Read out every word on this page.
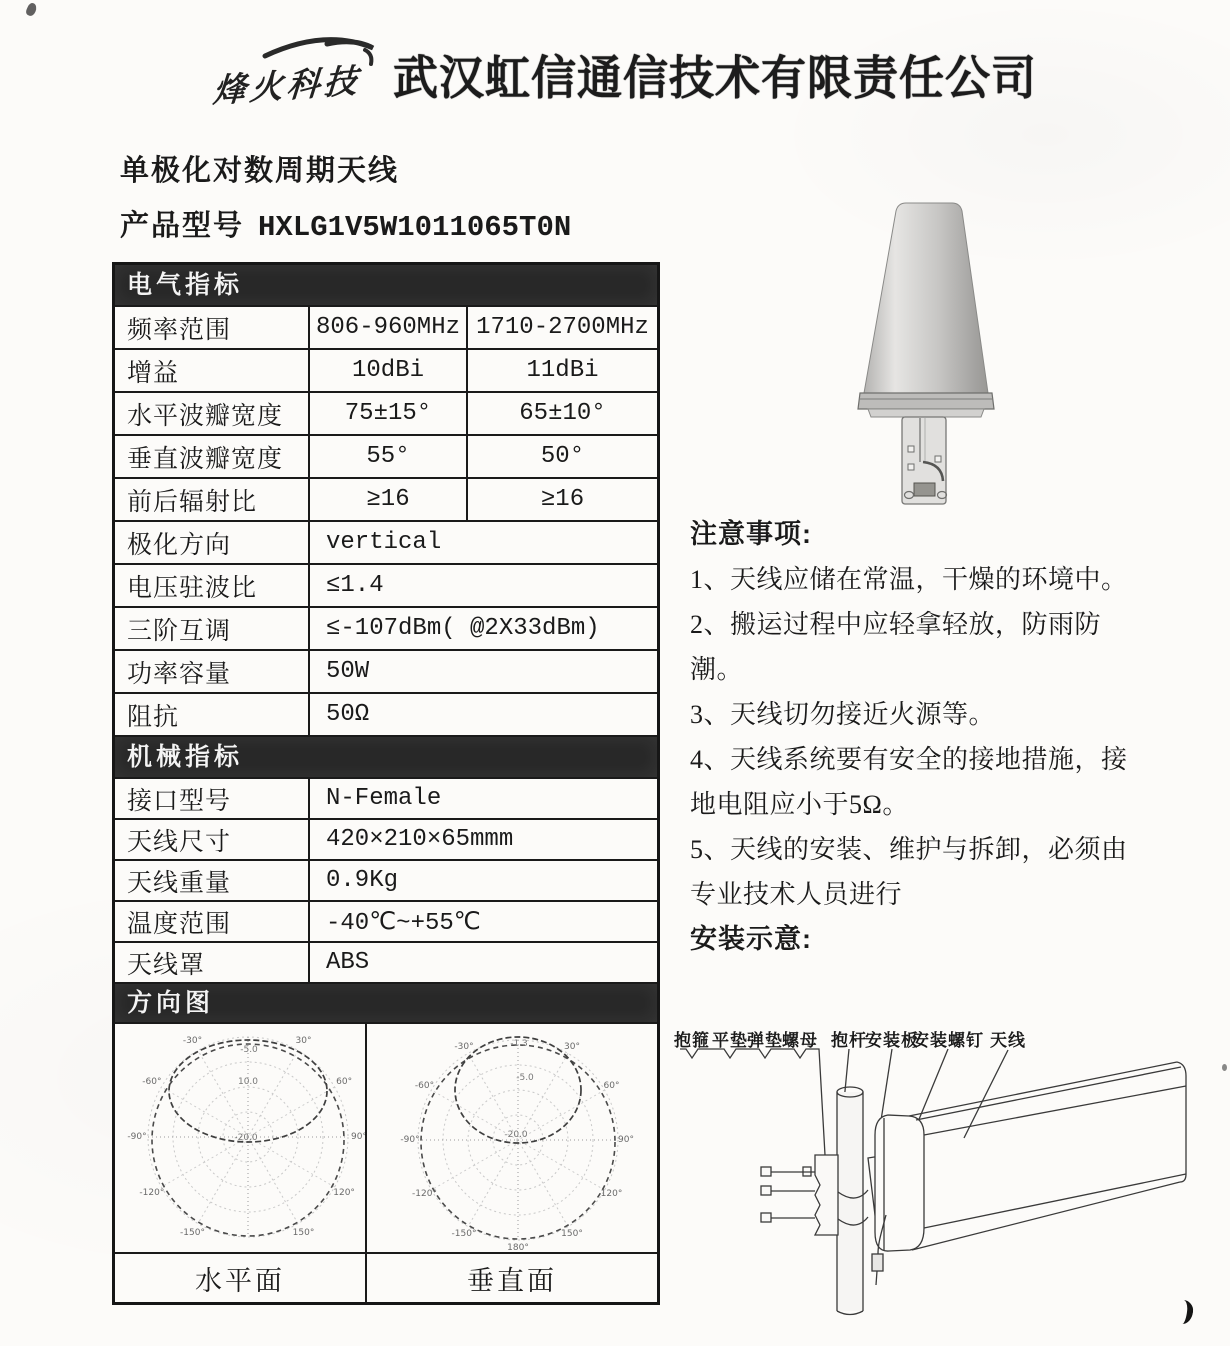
烽火科技 武汉虹信通信技术有限责任公司
单极化对数周期天线
产品型号 HXLG1V5W1011065T0N
电气指标
频率范围	806-960MHz 1710-2700MHz
增益	10dBi	11dBi
水平波瓣宽度	75±15°	65±10°
垂直波瓣宽度	55°	50°
前后辐射比	≥16	≥16
极化方向	vertical
电压驻波比	≤1.4
三阶互调	≤-107dBm( @2X33dBm)
功率容量	50W
阻抗	50Ω
机械指标
接口型号	N-Female
天线尺寸	420×210×65mmm
天线重量	0.9Kg
温度范围	-40℃~+55℃
天线罩	ABS
方向图
-30°	30°
-60°	60°
-90°	90°
-120°	120°
-150°	150°
-5.0
10.0
-20.0
-30°	30°
-60°	60°
-90°	90°
-120°	120°
-150°	150°
180°
-1.3
-5.0
-20.0
水平面	垂直面
注意事项:
1、天线应储在常温，干燥的环境中。
2、搬运过程中应轻拿轻放，防雨防潮。
3、天线切勿接近火源等。
4、天线系统要有安全的接地措施，接地电阻应小于5Ω。
5、天线的安装、维护与拆卸，必须由专业技术人员进行
安装示意:
抱箍 平垫 弹垫 螺母 抱杆
安装板
安装螺钉 天线
